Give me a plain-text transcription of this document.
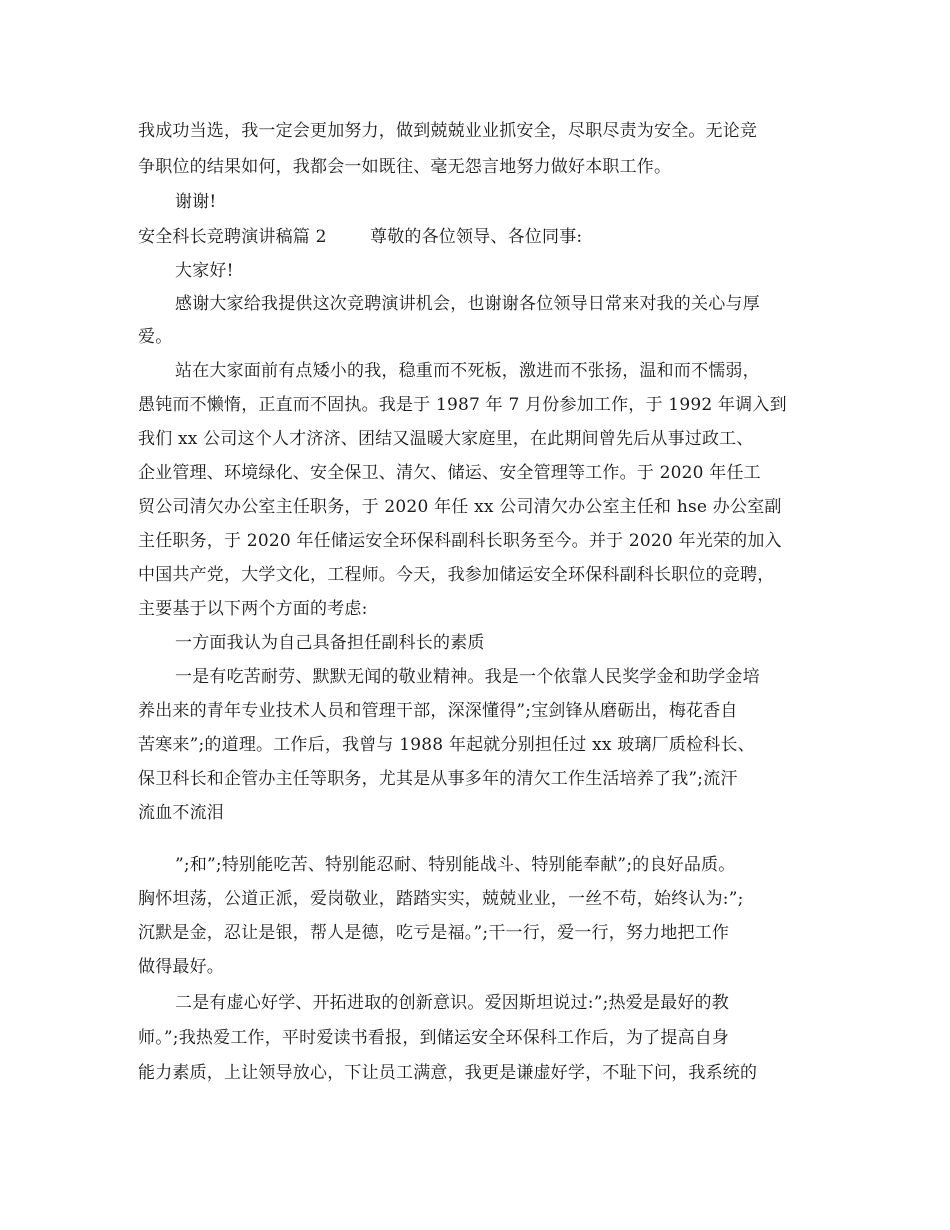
我成功当选，我一定会更加努力，做到兢兢业业抓安全，尽职尽责为安全。无论竞
争职位的结果如何，我都会一如既往、毫无怨言地努力做好本职工作。
谢谢!
安全科长竞聘演讲稿篇 2	尊敬的各位领导、各位同事:
大家好!
感谢大家给我提供这次竞聘演讲机会，也谢谢各位领导日常来对我的关心与厚
爱。
站在大家面前有点矮小的我，稳重而不死板，激进而不张扬，温和而不懦弱，
愚钝而不懒惰，正直而不固执。我是于 1987 年 7 月份参加工作，于 1992 年调入到
我们 xx 公司这个人才济济、团结又温暖大家庭里，在此期间曾先后从事过政工、
企业管理、环境绿化、安全保卫、清欠、储运、安全管理等工作。于 2020 年任工
贸公司清欠办公室主任职务，于 2020 年任 xx 公司清欠办公室主任和 hse 办公室副
主任职务，于 2020 年任储运安全环保科副科长职务至今。并于 2020 年光荣的加入
中国共产党，大学文化，工程师。今天，我参加储运安全环保科副科长职位的竞聘，
主要基于以下两个方面的考虑:
一方面我认为自己具备担任副科长的素质
一是有吃苦耐劳、默默无闻的敬业精神。我是一个依靠人民奖学金和助学金培
养出来的青年专业技术人员和管理干部，深深懂得”;宝剑锋从磨砺出，梅花香自
苦寒来”;的道理。工作后，我曾与 1988 年起就分别担任过 xx 玻璃厂质检科长、
保卫科长和企管办主任等职务，尤其是从事多年的清欠工作生活培养了我”;流汗
流血不流泪
”;和”;特别能吃苦、特别能忍耐、特别能战斗、特别能奉献”;的良好品质。
胸怀坦荡，公道正派，爱岗敬业，踏踏实实，兢兢业业，一丝不苟，始终认为:”;
沉默是金，忍让是银，帮人是德，吃亏是福。”;干一行，爱一行，努力地把工作
做得最好。
二是有虚心好学、开拓进取的创新意识。爱因斯坦说过:”;热爱是最好的教
师。”;我热爱工作，平时爱读书看报，到储运安全环保科工作后，为了提高自身
能力素质，上让领导放心，下让员工满意，我更是谦虚好学，不耻下问，我系统的
